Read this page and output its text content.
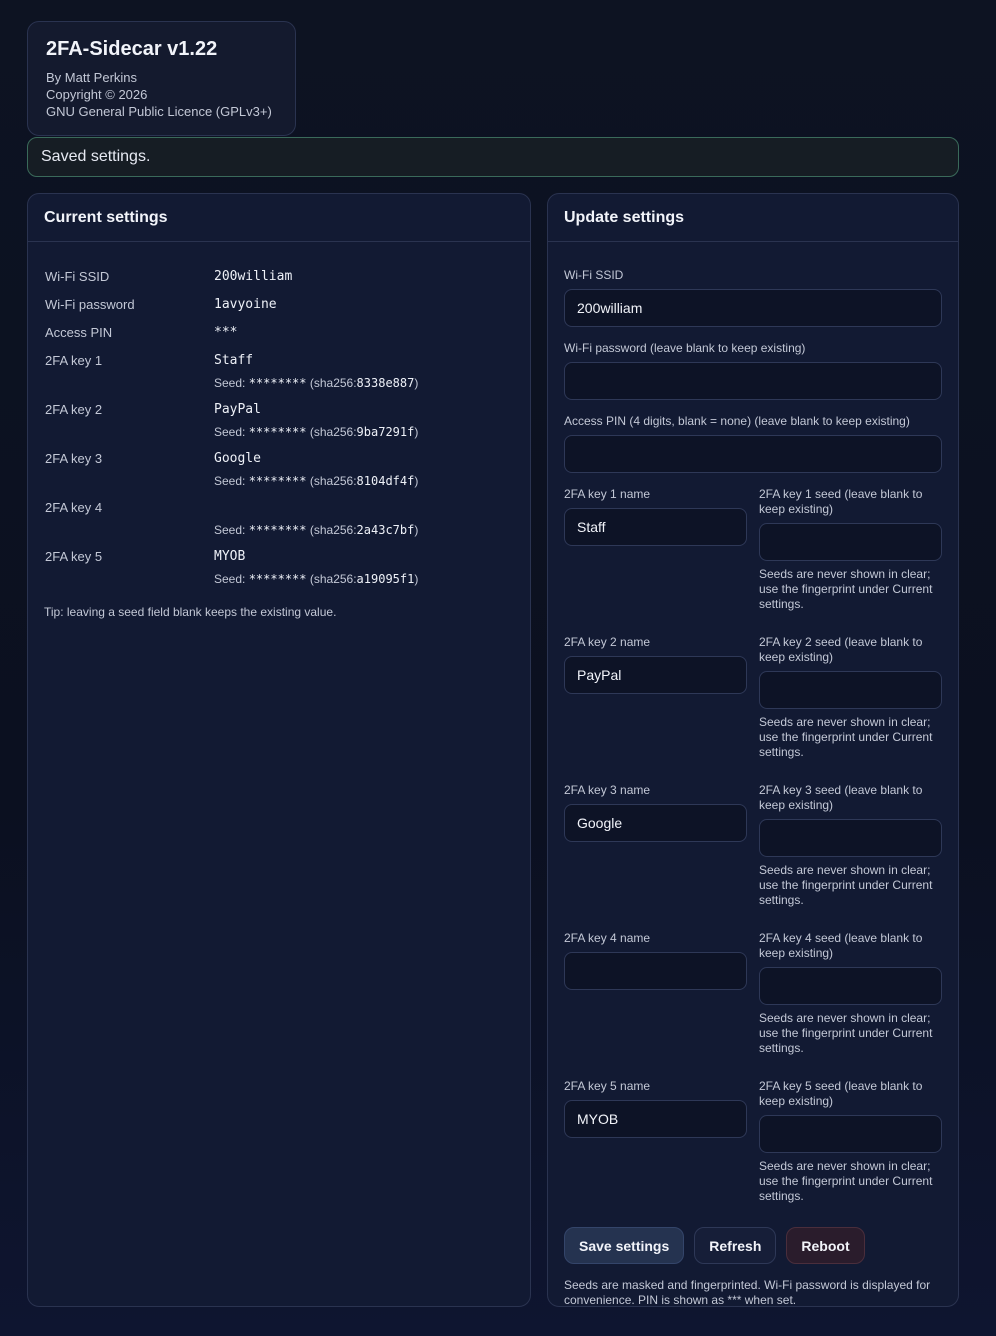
2FA-Sidecar v1.22
By Matt Perkins
Copyright © 2026
GNU General Public Licence (GPLv3+)
Saved settings.
Current settings
Wi-Fi SSID	200william
Wi-Fi password	1avyoine
Access PIN	***
2FA key 1	Staff
Seed: ******** (sha256:8338e887)
2FA key 2	PayPal
Seed: ******** (sha256:9ba7291f)
2FA key 3	Google
Seed: ******** (sha256:8104df4f)
2FA key 4
Seed: ******** (sha256:2a43c7bf)
2FA key 5	MYOB
Seed: ******** (sha256:a19095f1)
Tip: leaving a seed field blank keeps the existing value.
Update settings
Wi-Fi SSID
200william
Wi-Fi password (leave blank to keep existing)
Access PIN (4 digits, blank = none) (leave blank to keep existing)
2FA key 1 name
Staff	2FA key 1 seed (leave blank to keep existing)
Seeds are never shown in clear; use the fingerprint under Current settings.
2FA key 2 name
PayPal	2FA key 2 seed (leave blank to keep existing)
Seeds are never shown in clear; use the fingerprint under Current settings.
2FA key 3 name
Google	2FA key 3 seed (leave blank to keep existing)
Seeds are never shown in clear; use the fingerprint under Current settings.
2FA key 4 name	2FA key 4 seed (leave blank to keep existing)
Seeds are never shown in clear; use the fingerprint under Current settings.
2FA key 5 name
MYOB	2FA key 5 seed (leave blank to keep existing)
Seeds are never shown in clear; use the fingerprint under Current settings.
Save settings	Refresh	Reboot
Seeds are masked and fingerprinted. Wi-Fi password is displayed for convenience. PIN is shown as *** when set.
